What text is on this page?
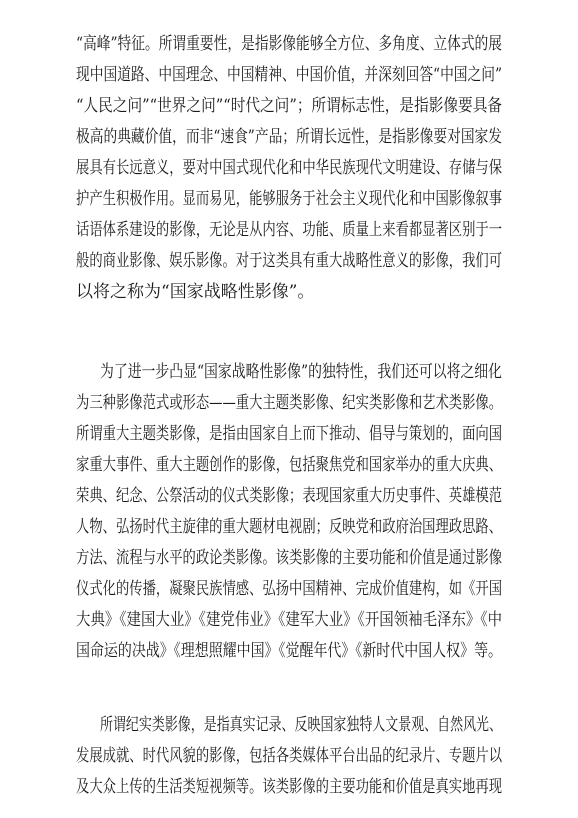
“高峰”特征。所谓重要性，是指影像能够全方位、多角度、立体式的展
现中国道路、中国理念、中国精神、中国价值，并深刻回答“中国之问”
“人民之问”“世界之问”“时代之问”；所谓标志性，是指影像要具备
极高的典藏价值，而非“速食”产品；所谓长远性，是指影像要对国家发
展具有长远意义，要对中国式现代化和中华民族现代文明建设、存储与保
护产生积极作用。显而易见，能够服务于社会主义现代化和中国影像叙事
话语体系建设的影像，无论是从内容、功能、质量上来看都显著区别于一
般的商业影像、娱乐影像。对于这类具有重大战略性意义的影像，我们可
以将之称为“国家战略性影像”。
为了进一步凸显“国家战略性影像”的独特性，我们还可以将之细化
为三种影像范式或形态——重大主题类影像、纪实类影像和艺术类影像。
所谓重大主题类影像，是指由国家自上而下推动、倡导与策划的，面向国
家重大事件、重大主题创作的影像，包括聚焦党和国家举办的重大庆典、
荣典、纪念、公祭活动的仪式类影像；表现国家重大历史事件、英雄模范
人物、弘扬时代主旋律的重大题材电视剧；反映党和政府治国理政思路、
方法、流程与水平的政论类影像。该类影像的主要功能和价值是通过影像
仪式化的传播，凝聚民族情感、弘扬中国精神、完成价值建构，如《开国
大典》《建国大业》《建党伟业》《建军大业》《开国领袖毛泽东》《中
国命运的决战》《理想照耀中国》《觉醒年代》《新时代中国人权》等。
所谓纪实类影像，是指真实记录、反映国家独特人文景观、自然风光、
发展成就、时代风貌的影像，包括各类媒体平台出品的纪录片、专题片以
及大众上传的生活类短视频等。该类影像的主要功能和价值是真实地再现
